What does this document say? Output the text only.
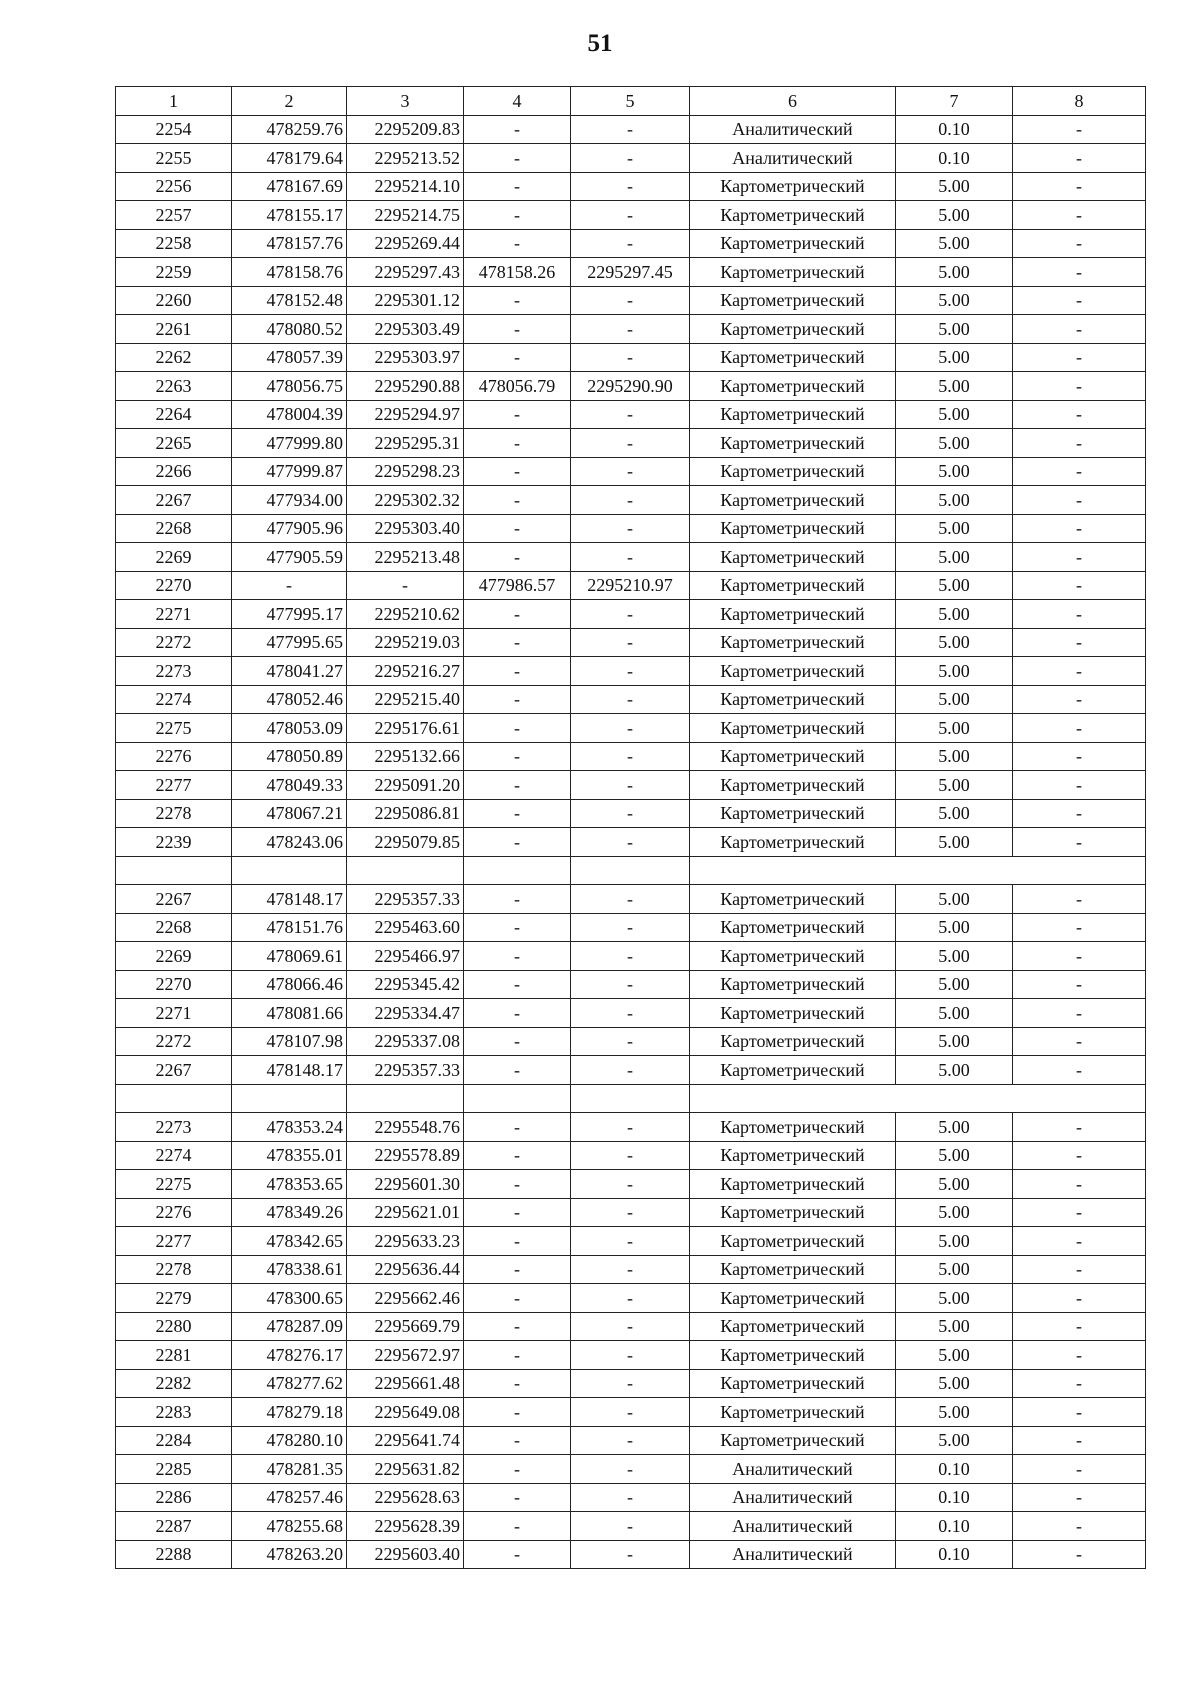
51
1	2	3	4	5	6	7	8
2254	478259.76	2295209.83	-	-	Аналитический	0.10	-
2255	478179.64	2295213.52	-	-	Аналитический	0.10	-
2256	478167.69	2295214.10	-	-	Картометрический	5.00	-
2257	478155.17	2295214.75	-	-	Картометрический	5.00	-
2258	478157.76	2295269.44	-	-	Картометрический	5.00	-
2259	478158.76	2295297.43	478158.26	2295297.45	Картометрический	5.00	-
2260	478152.48	2295301.12	-	-	Картометрический	5.00	-
2261	478080.52	2295303.49	-	-	Картометрический	5.00	-
2262	478057.39	2295303.97	-	-	Картометрический	5.00	-
2263	478056.75	2295290.88	478056.79	2295290.90	Картометрический	5.00	-
2264	478004.39	2295294.97	-	-	Картометрический	5.00	-
2265	477999.80	2295295.31	-	-	Картометрический	5.00	-
2266	477999.87	2295298.23	-	-	Картометрический	5.00	-
2267	477934.00	2295302.32	-	-	Картометрический	5.00	-
2268	477905.96	2295303.40	-	-	Картометрический	5.00	-
2269	477905.59	2295213.48	-	-	Картометрический	5.00	-
2270	-	-	477986.57	2295210.97	Картометрический	5.00	-
2271	477995.17	2295210.62	-	-	Картометрический	5.00	-
2272	477995.65	2295219.03	-	-	Картометрический	5.00	-
2273	478041.27	2295216.27	-	-	Картометрический	5.00	-
2274	478052.46	2295215.40	-	-	Картометрический	5.00	-
2275	478053.09	2295176.61	-	-	Картометрический	5.00	-
2276	478050.89	2295132.66	-	-	Картометрический	5.00	-
2277	478049.33	2295091.20	-	-	Картометрический	5.00	-
2278	478067.21	2295086.81	-	-	Картометрический	5.00	-
2239	478243.06	2295079.85	-	-	Картометрический	5.00	-

2267	478148.17	2295357.33	-	-	Картометрический	5.00	-
2268	478151.76	2295463.60	-	-	Картометрический	5.00	-
2269	478069.61	2295466.97	-	-	Картометрический	5.00	-
2270	478066.46	2295345.42	-	-	Картометрический	5.00	-
2271	478081.66	2295334.47	-	-	Картометрический	5.00	-
2272	478107.98	2295337.08	-	-	Картометрический	5.00	-
2267	478148.17	2295357.33	-	-	Картометрический	5.00	-

2273	478353.24	2295548.76	-	-	Картометрический	5.00	-
2274	478355.01	2295578.89	-	-	Картометрический	5.00	-
2275	478353.65	2295601.30	-	-	Картометрический	5.00	-
2276	478349.26	2295621.01	-	-	Картометрический	5.00	-
2277	478342.65	2295633.23	-	-	Картометрический	5.00	-
2278	478338.61	2295636.44	-	-	Картометрический	5.00	-
2279	478300.65	2295662.46	-	-	Картометрический	5.00	-
2280	478287.09	2295669.79	-	-	Картометрический	5.00	-
2281	478276.17	2295672.97	-	-	Картометрический	5.00	-
2282	478277.62	2295661.48	-	-	Картометрический	5.00	-
2283	478279.18	2295649.08	-	-	Картометрический	5.00	-
2284	478280.10	2295641.74	-	-	Картометрический	5.00	-
2285	478281.35	2295631.82	-	-	Аналитический	0.10	-
2286	478257.46	2295628.63	-	-	Аналитический	0.10	-
2287	478255.68	2295628.39	-	-	Аналитический	0.10	-
2288	478263.20	2295603.40	-	-	Аналитический	0.10	-
